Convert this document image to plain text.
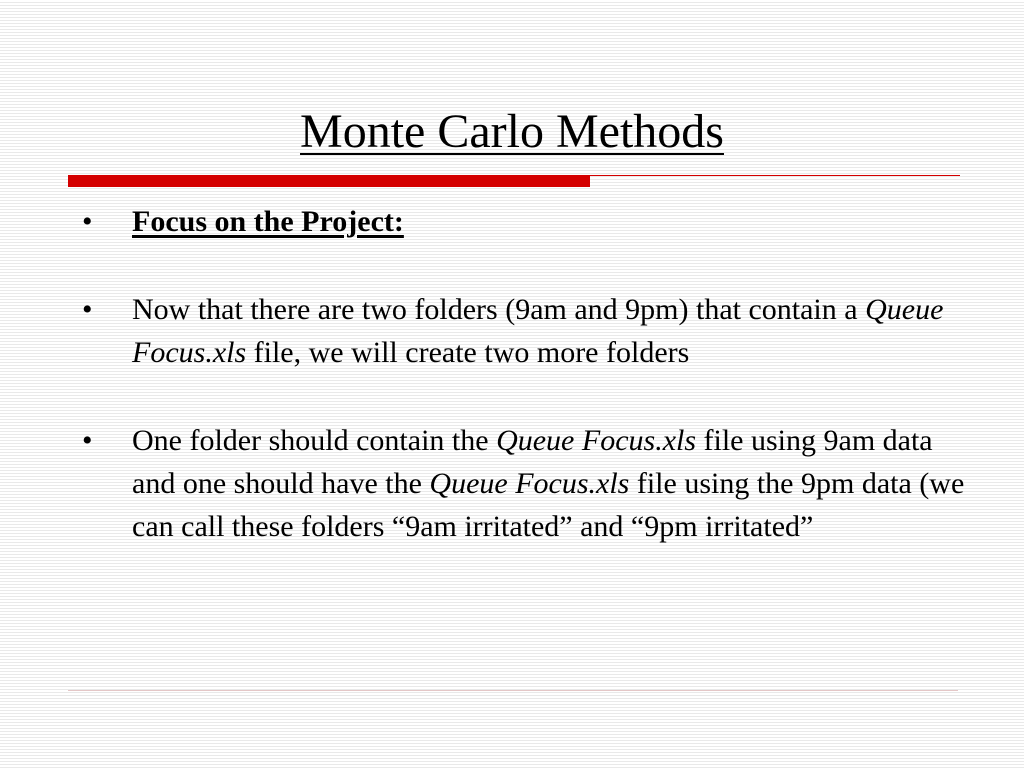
Monte Carlo Methods
•	Focus on the Project:
•	Now that there are two folders (9am and 9pm) that contain a Queue Focus.xls file, we will create two more folders
•	One folder should contain the Queue Focus.xls file using 9am data and one should have the Queue Focus.xls file using the 9pm data (we can call these folders “9am irritated” and “9pm irritated”
